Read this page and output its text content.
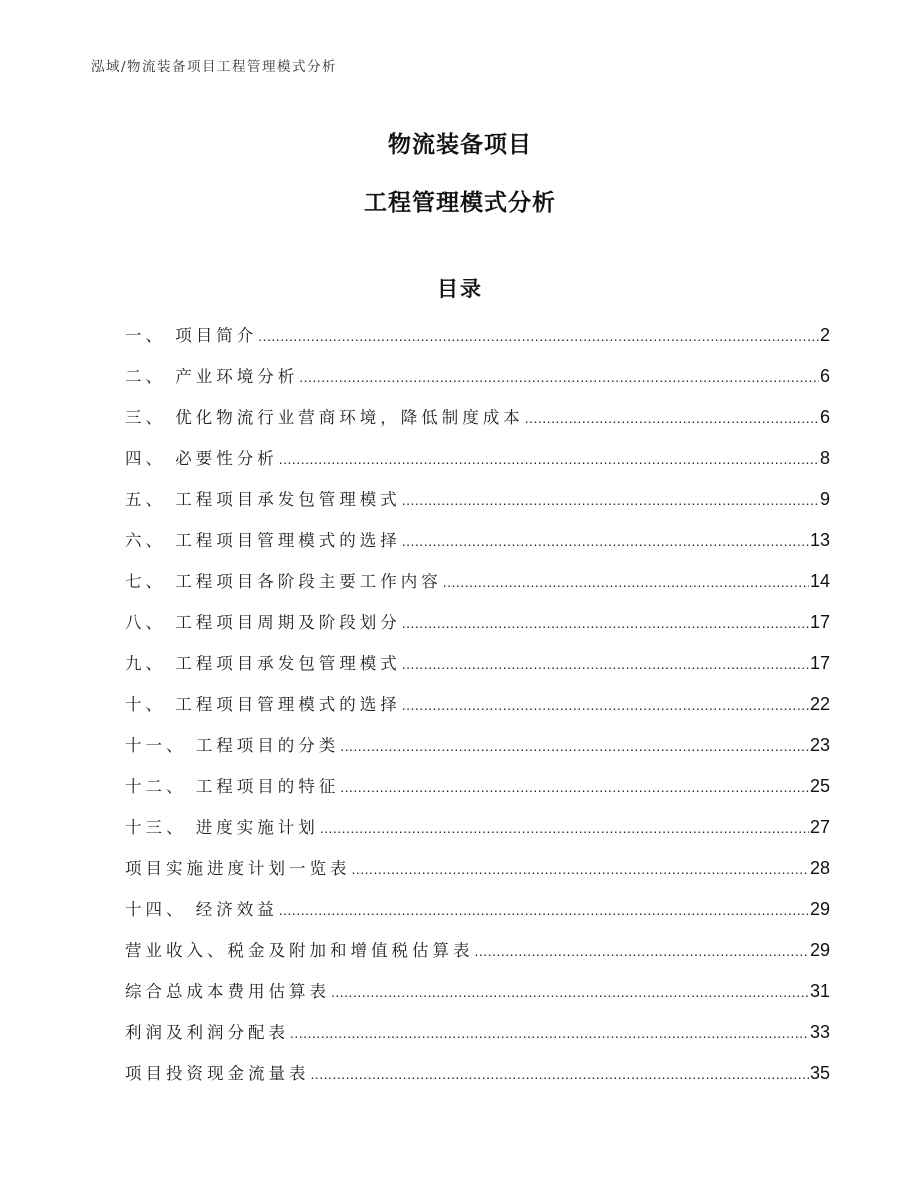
泓域/物流装备项目工程管理模式分析
物流装备项目
工程管理模式分析
目录
一、 项目简介 .....	2
二、 产业环境分析 .....	6
三、 优化物流行业营商环境，降低制度成本 .....	6
四、 必要性分析 .....	8
五、 工程项目承发包管理模式 .....	9
六、 工程项目管理模式的选择 .....	13
七、 工程项目各阶段主要工作内容 .....	14
八、 工程项目周期及阶段划分 .....	17
九、 工程项目承发包管理模式 .....	17
十、 工程项目管理模式的选择 .....	22
十一、 工程项目的分类 .....	23
十二、 工程项目的特征 .....	25
十三、 进度实施计划 .....	27
项目实施进度计划一览表 .....	28
十四、 经济效益 .....	29
营业收入、税金及附加和增值税估算表 .....	29
综合总成本费用估算表 .....	31
利润及利润分配表 .....	33
项目投资现金流量表 .....	35
